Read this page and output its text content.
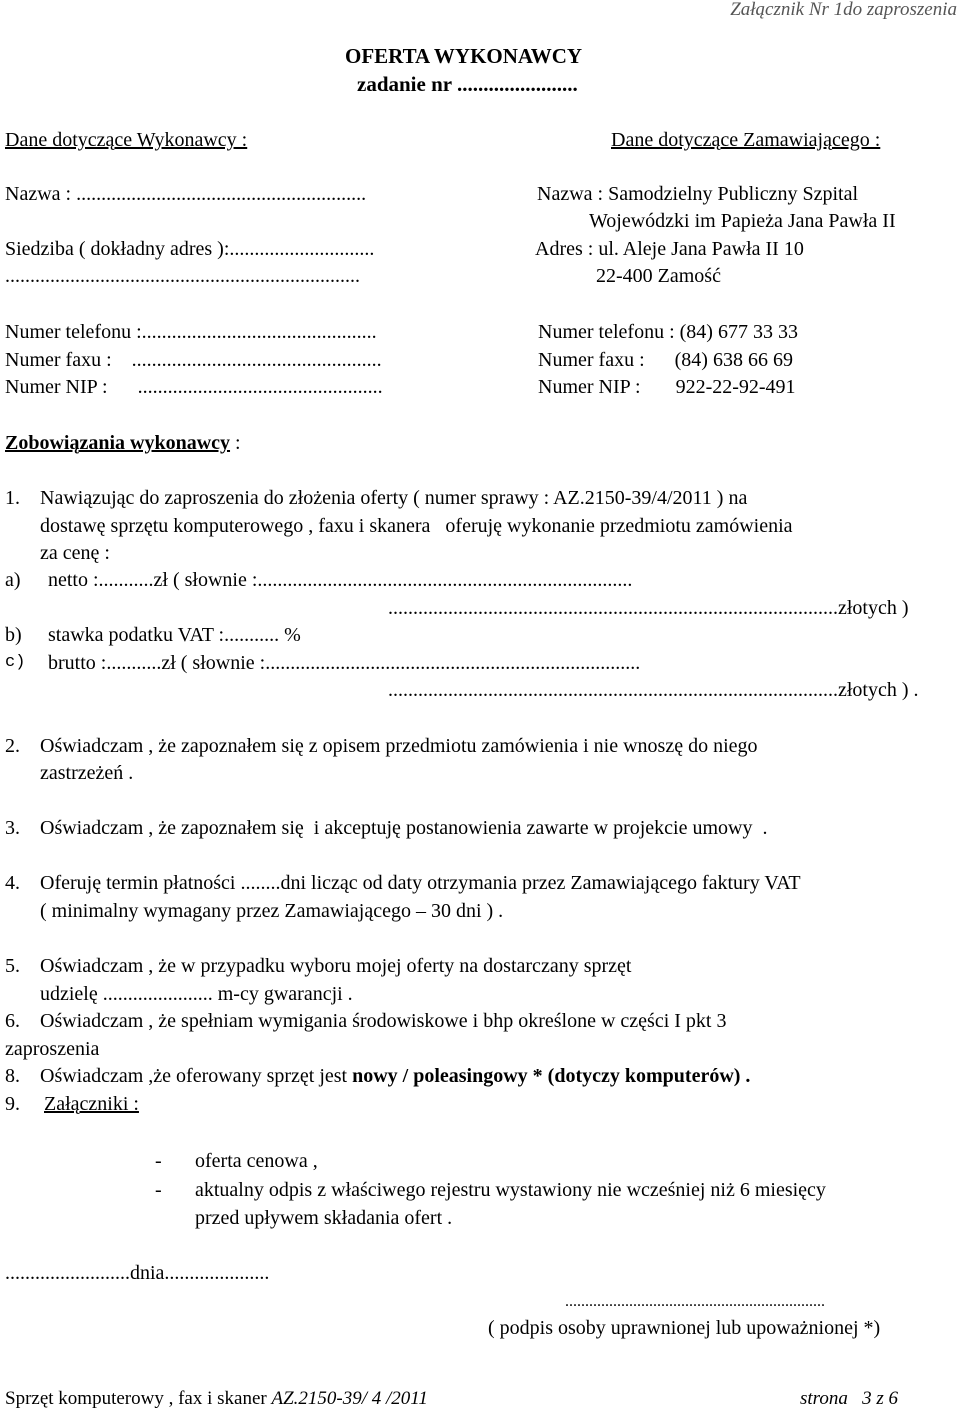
Załącznik Nr 1do zaproszenia
OFERTA WYKONAWCY
zadanie nr .......................
Dane dotyczące Wykonawcy :
Nazwa : ..........................................................
Siedziba ( dokładny adres ):.............................
.......................................................................
Numer telefonu :...............................................
Numer faxu :    ..................................................
Numer NIP :      .................................................
Dane dotyczące Zamawiającego :
Nazwa : Samodzielny Publiczny Szpital
Wojewódzki im Papieża Jana Pawła II
Adres : ul. Aleje Jana Pawła II 10
22-400 Zamość
Numer telefonu : (84) 677 33 33
Numer faxu :      (84) 638 66 69
Numer NIP :       922-22-92-491
Zobowiązania wykonawcy :
1. Nawiązując do zaproszenia do złożenia oferty ( numer sprawy : AZ.2150-39/4/2011 ) na
dostawę sprzętu komputerowego , faxu i skanera   oferuję wykonanie przedmiotu zamówienia
za cenę :
a) netto :...........zł ( słownie :...........................................................................
..........................................................................................złotych )
b) stawka podatku VAT :........... %
c) brutto :...........zł ( słownie :...........................................................................
..........................................................................................złotych ) .
2. Oświadczam , że zapoznałem się z opisem przedmiotu zamówienia i nie wnoszę do niego
zastrzeżeń .
3. Oświadczam , że zapoznałem się  i akceptuję postanowienia zawarte w projekcie umowy  .
4. Oferuję termin płatności ........dni licząc od daty otrzymania przez Zamawiającego faktury VAT
( minimalny wymagany przez Zamawiającego – 30 dni ) .
5. Oświadczam , że w przypadku wyboru mojej oferty na dostarczany sprzęt
udzielę ...................... m-cy gwarancji .
6. Oświadczam , że spełniam wymigania środowiskowe i bhp określone w części I pkt 3
zaproszenia
8. Oświadczam ,że oferowany sprzęt jest nowy / poleasingowy * (dotyczy komputerów) .
9. Załączniki :
- oferta cenowa ,
- aktualny odpis z właściwego rejestru wystawiony nie wcześniej niż 6 miesięcy
przed upływem składania ofert .
.........................dnia.....................
.................................................................
( podpis osoby uprawnionej lub upoważnionej *)
Sprzęt komputerowy , fax i skaner AZ.2150-39/ 4 /2011	strona   3 z 6
